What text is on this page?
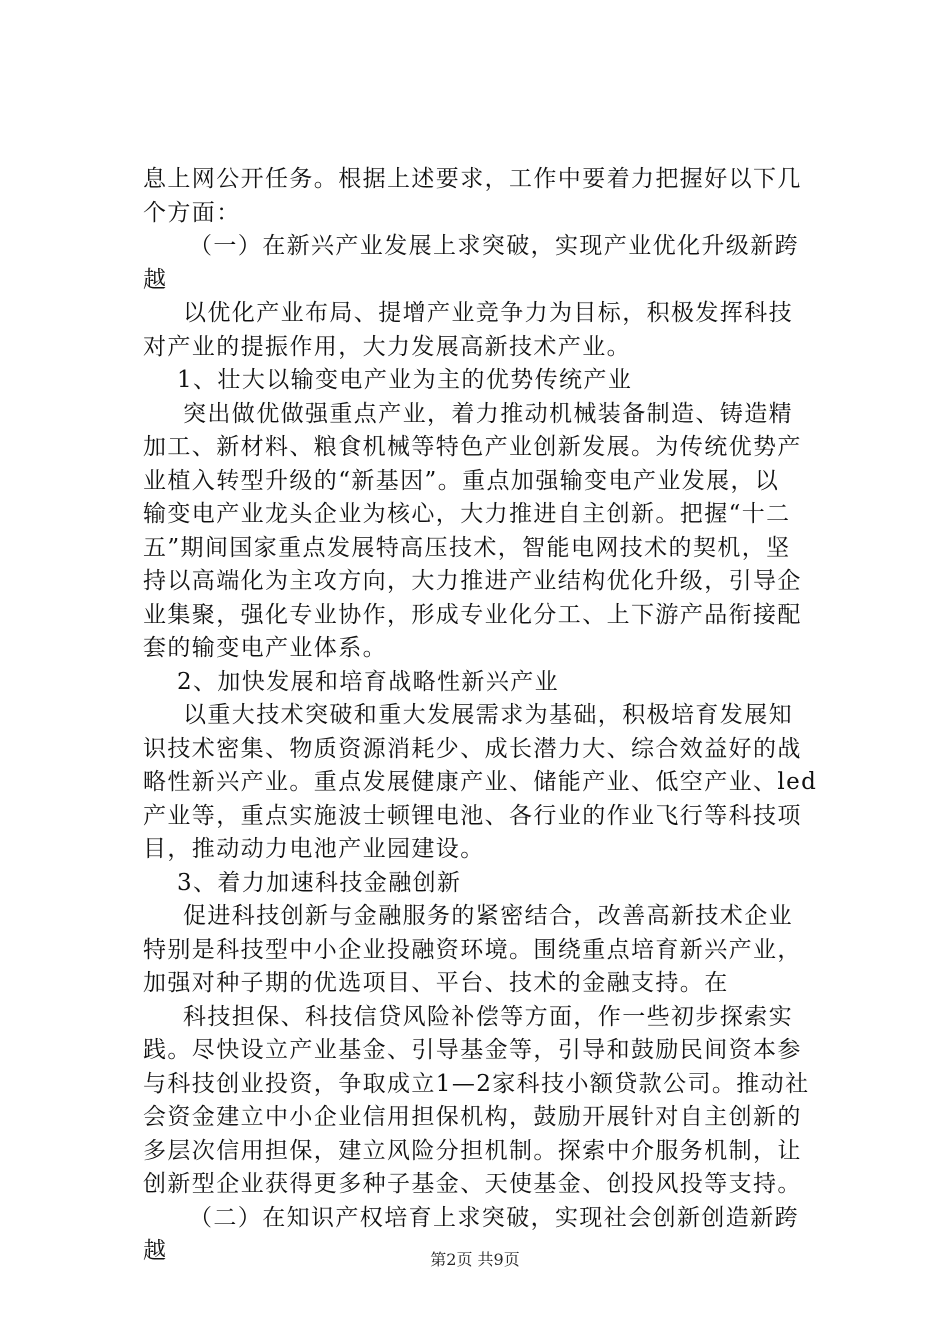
息上网公开任务。根据上述要求，工作中要着力把握好以下几
个方面：
（一）在新兴产业发展上求突破，实现产业优化升级新跨
越
以优化产业布局、提增产业竞争力为目标，积极发挥科技
对产业的提振作用，大力发展高新技术产业。
1、壮大以输变电产业为主的优势传统产业
突出做优做强重点产业，着力推动机械装备制造、铸造精
加工、新材料、粮食机械等特色产业创新发展。为传统优势产
业植入转型升级的“新基因”。重点加强输变电产业发展，以
输变电产业龙头企业为核心，大力推进自主创新。把握“十二
五”期间国家重点发展特高压技术，智能电网技术的契机，坚
持以高端化为主攻方向，大力推进产业结构优化升级，引导企
业集聚，强化专业协作，形成专业化分工、上下游产品衔接配
套的输变电产业体系。
2、加快发展和培育战略性新兴产业
以重大技术突破和重大发展需求为基础，积极培育发展知
识技术密集、物质资源消耗少、成长潜力大、综合效益好的战
略性新兴产业。重点发展健康产业、储能产业、低空产业、led
产业等，重点实施波士顿锂电池、各行业的作业飞行等科技项
目，推动动力电池产业园建设。
3、着力加速科技金融创新
促进科技创新与金融服务的紧密结合，改善高新技术企业
特别是科技型中小企业投融资环境。围绕重点培育新兴产业，
加强对种子期的优选项目、平台、技术的金融支持。在
科技担保、科技信贷风险补偿等方面，作一些初步探索实
践。尽快设立产业基金、引导基金等，引导和鼓励民间资本参
与科技创业投资，争取成立1—2家科技小额贷款公司。推动社
会资金建立中小企业信用担保机构，鼓励开展针对自主创新的
多层次信用担保，建立风险分担机制。探索中介服务机制，让
创新型企业获得更多种子基金、天使基金、创投风投等支持。
（二）在知识产权培育上求突破，实现社会创新创造新跨
越	第2页 共9页
